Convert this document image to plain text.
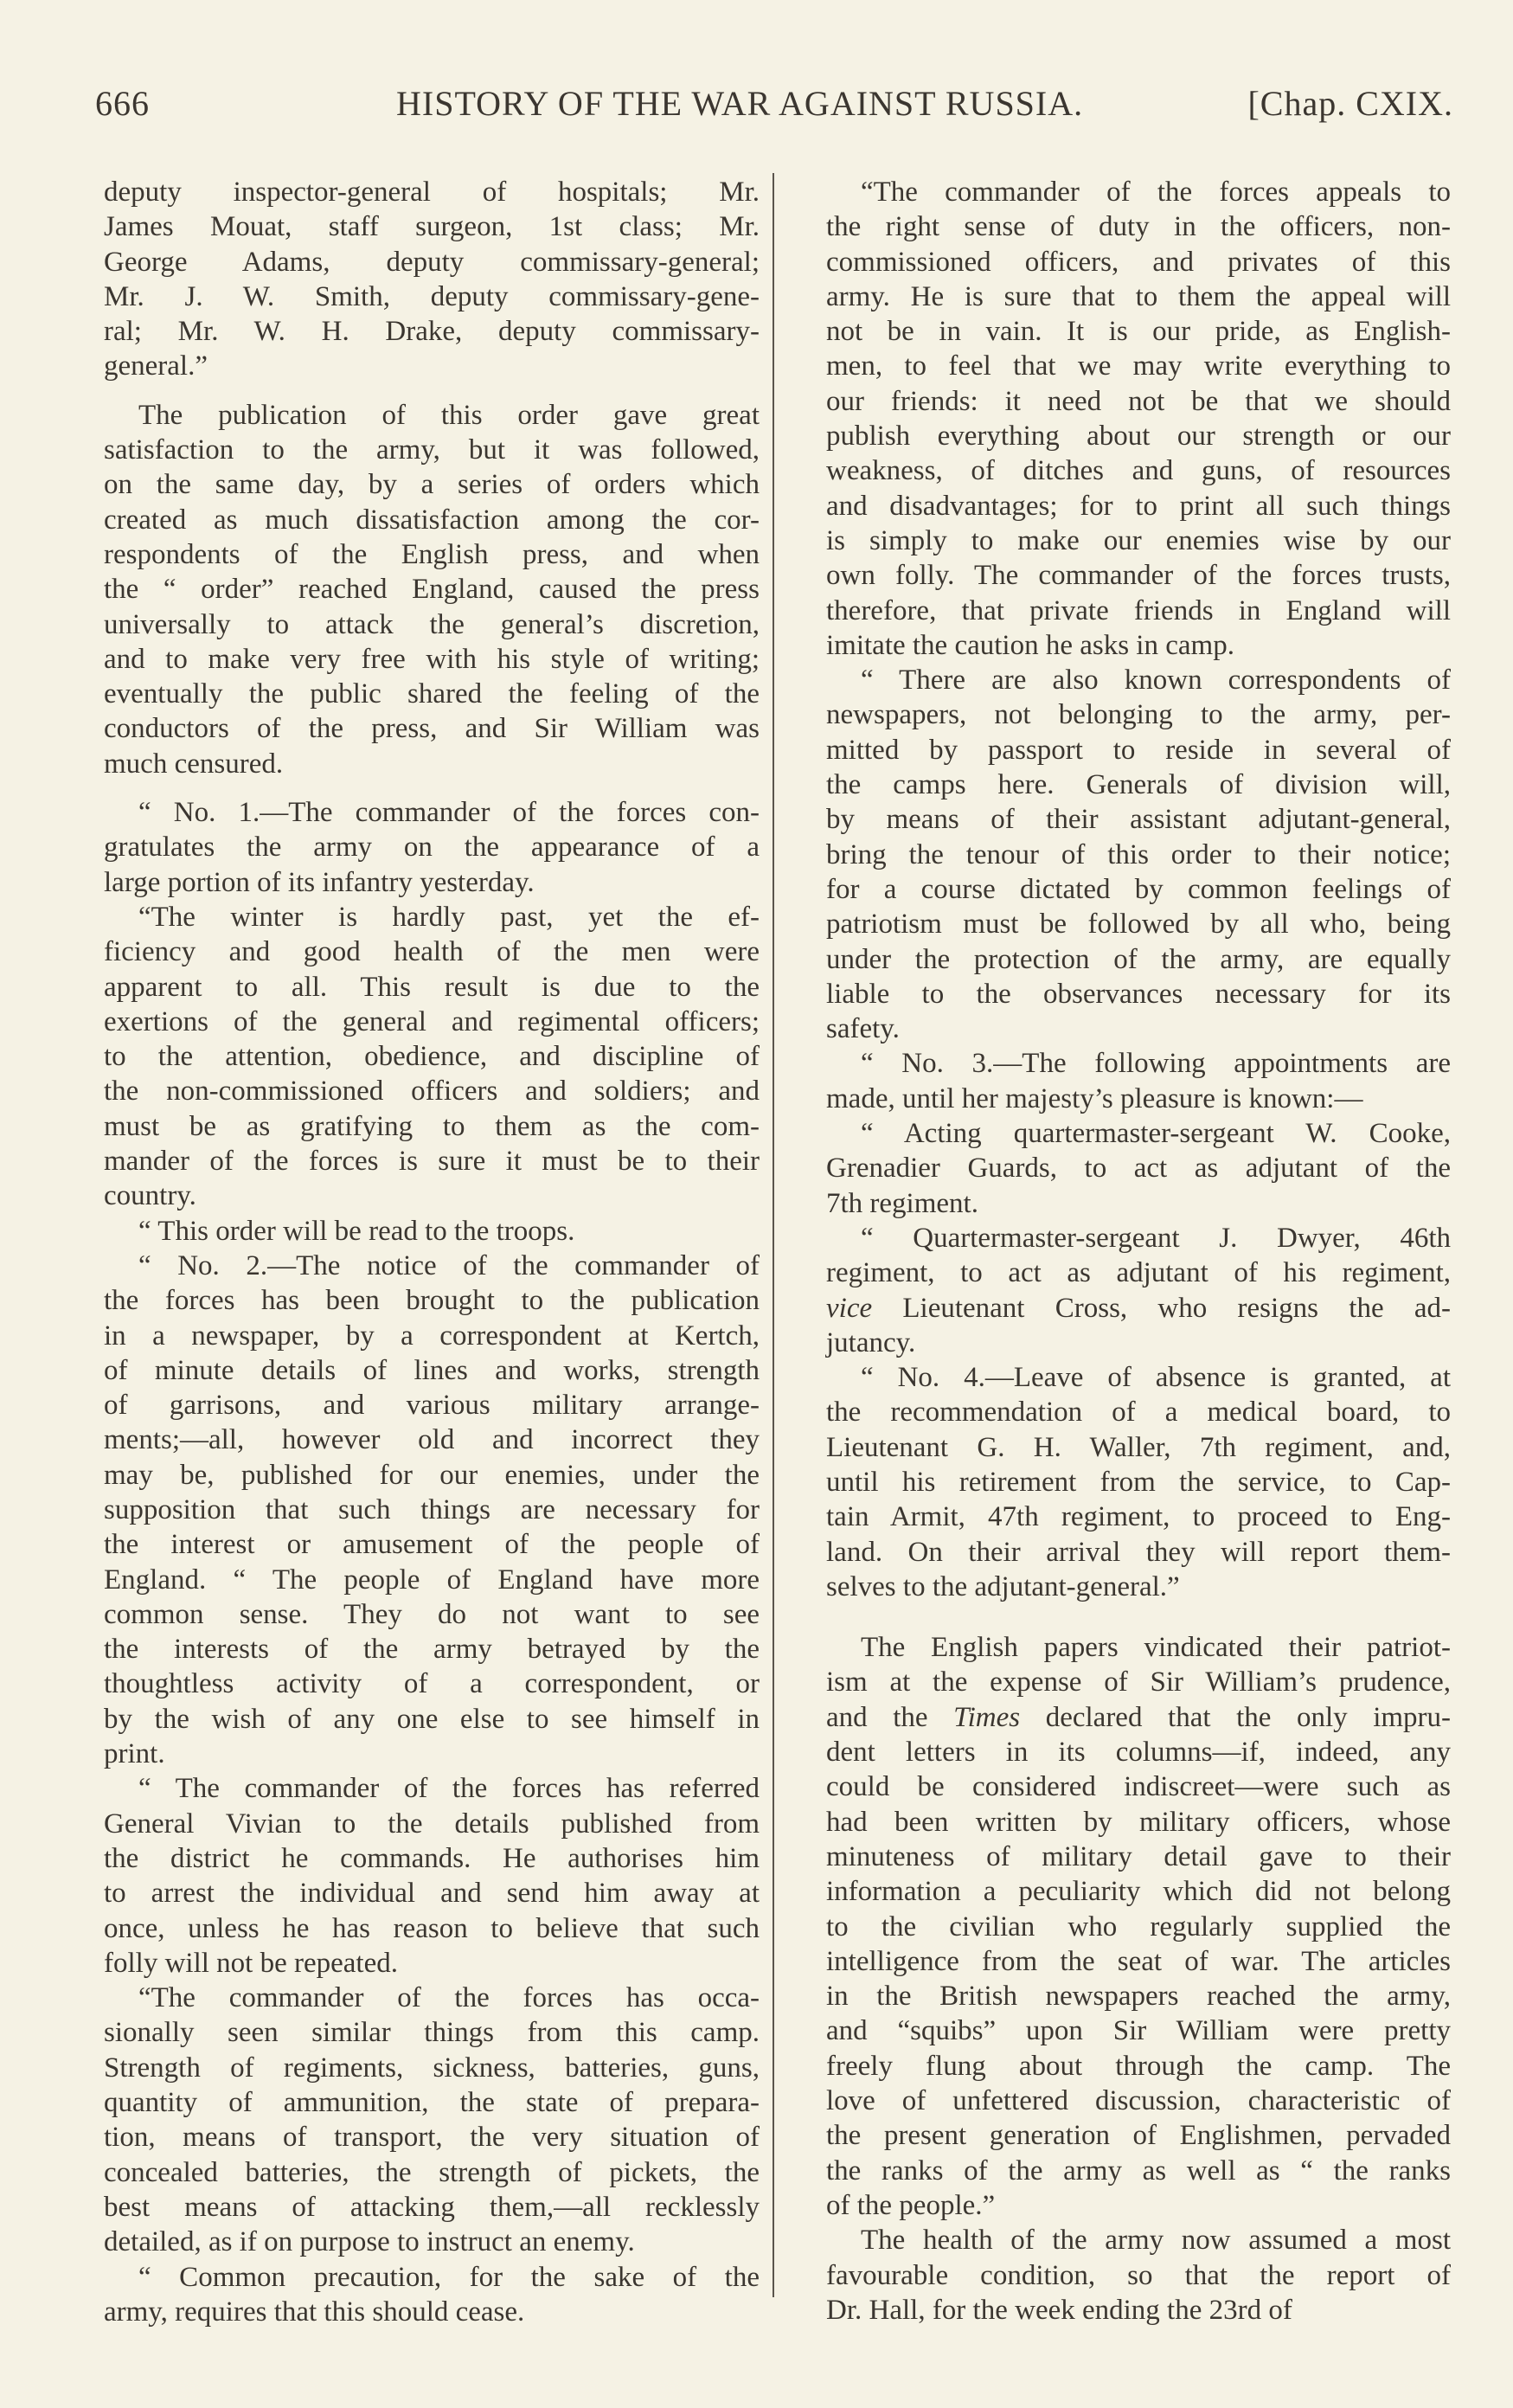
666	HISTORY OF THE WAR AGAINST RUSSIA.	[Chap. CXIX.
deputy inspector-general of hospitals; Mr.
James Mouat, staff surgeon, 1st class; Mr.
George Adams, deputy commissary-general;
Mr. J. W. Smith, deputy commissary-gene-
ral; Mr. W. H. Drake, deputy commissary-
general.”
The publication of this order gave great
satisfaction to the army, but it was followed,
on the same day, by a series of orders which
created as much dissatisfaction among the cor-
respondents of the English press, and when
the “ order” reached England, caused the press
universally to attack the general’s discretion,
and to make very free with his style of writing;
eventually the public shared the feeling of the
conductors of the press, and Sir William was
much censured.
“ No. 1.—The commander of the forces con-
gratulates the army on the appearance of a
large portion of its infantry yesterday.
“The winter is hardly past, yet the ef-
ficiency and good health of the men were
apparent to all. This result is due to the
exertions of the general and regimental officers;
to the attention, obedience, and discipline of
the non-commissioned officers and soldiers; and
must be as gratifying to them as the com-
mander of the forces is sure it must be to their
country.
“ This order will be read to the troops.
“ No. 2.—The notice of the commander of
the forces has been brought to the publication
in a newspaper, by a correspondent at Kertch,
of minute details of lines and works, strength
of garrisons, and various military arrange-
ments;—all, however old and incorrect they
may be, published for our enemies, under the
supposition that such things are necessary for
the interest or amusement of the people of
England. “ The people of England have more
common sense. They do not want to see
the interests of the army betrayed by the
thoughtless activity of a correspondent, or
by the wish of any one else to see himself in
print.
“ The commander of the forces has referred
General Vivian to the details published from
the district he commands. He authorises him
to arrest the individual and send him away at
once, unless he has reason to believe that such
folly will not be repeated.
“The commander of the forces has occa-
sionally seen similar things from this camp.
Strength of regiments, sickness, batteries, guns,
quantity of ammunition, the state of prepara-
tion, means of transport, the very situation of
concealed batteries, the strength of pickets, the
best means of attacking them,—all recklessly
detailed, as if on purpose to instruct an enemy.
“ Common precaution, for the sake of the
army, requires that this should cease.
“The commander of the forces appeals to
the right sense of duty in the officers, non-
commissioned officers, and privates of this
army. He is sure that to them the appeal will
not be in vain. It is our pride, as English-
men, to feel that we may write everything to
our friends: it need not be that we should
publish everything about our strength or our
weakness, of ditches and guns, of resources
and disadvantages; for to print all such things
is simply to make our enemies wise by our
own folly. The commander of the forces trusts,
therefore, that private friends in England will
imitate the caution he asks in camp.
“ There are also known correspondents of
newspapers, not belonging to the army, per-
mitted by passport to reside in several of
the camps here. Generals of division will,
by means of their assistant adjutant-general,
bring the tenour of this order to their notice;
for a course dictated by common feelings of
patriotism must be followed by all who, being
under the protection of the army, are equally
liable to the observances necessary for its
safety.
“ No. 3.—The following appointments are
made, until her majesty’s pleasure is known:—
“ Acting quartermaster-sergeant W. Cooke,
Grenadier Guards, to act as adjutant of the
7th regiment.
“ Quartermaster-sergeant J. Dwyer, 46th
regiment, to act as adjutant of his regiment,
vice Lieutenant Cross, who resigns the ad-
jutancy.
“ No. 4.—Leave of absence is granted, at
the recommendation of a medical board, to
Lieutenant G. H. Waller, 7th regiment, and,
until his retirement from the service, to Cap-
tain Armit, 47th regiment, to proceed to Eng-
land. On their arrival they will report them-
selves to the adjutant-general.”
The English papers vindicated their patriot-
ism at the expense of Sir William’s prudence,
and the Times declared that the only impru-
dent letters in its columns—if, indeed, any
could be considered indiscreet—were such as
had been written by military officers, whose
minuteness of military detail gave to their
information a peculiarity which did not belong
to the civilian who regularly supplied the
intelligence from the seat of war. The articles
in the British newspapers reached the army,
and “squibs” upon Sir William were pretty
freely flung about through the camp. The
love of unfettered discussion, characteristic of
the present generation of Englishmen, pervaded
the ranks of the army as well as “ the ranks
of the people.”
The health of the army now assumed a most
favourable condition, so that the report of
Dr. Hall, for the week ending the 23rd of
